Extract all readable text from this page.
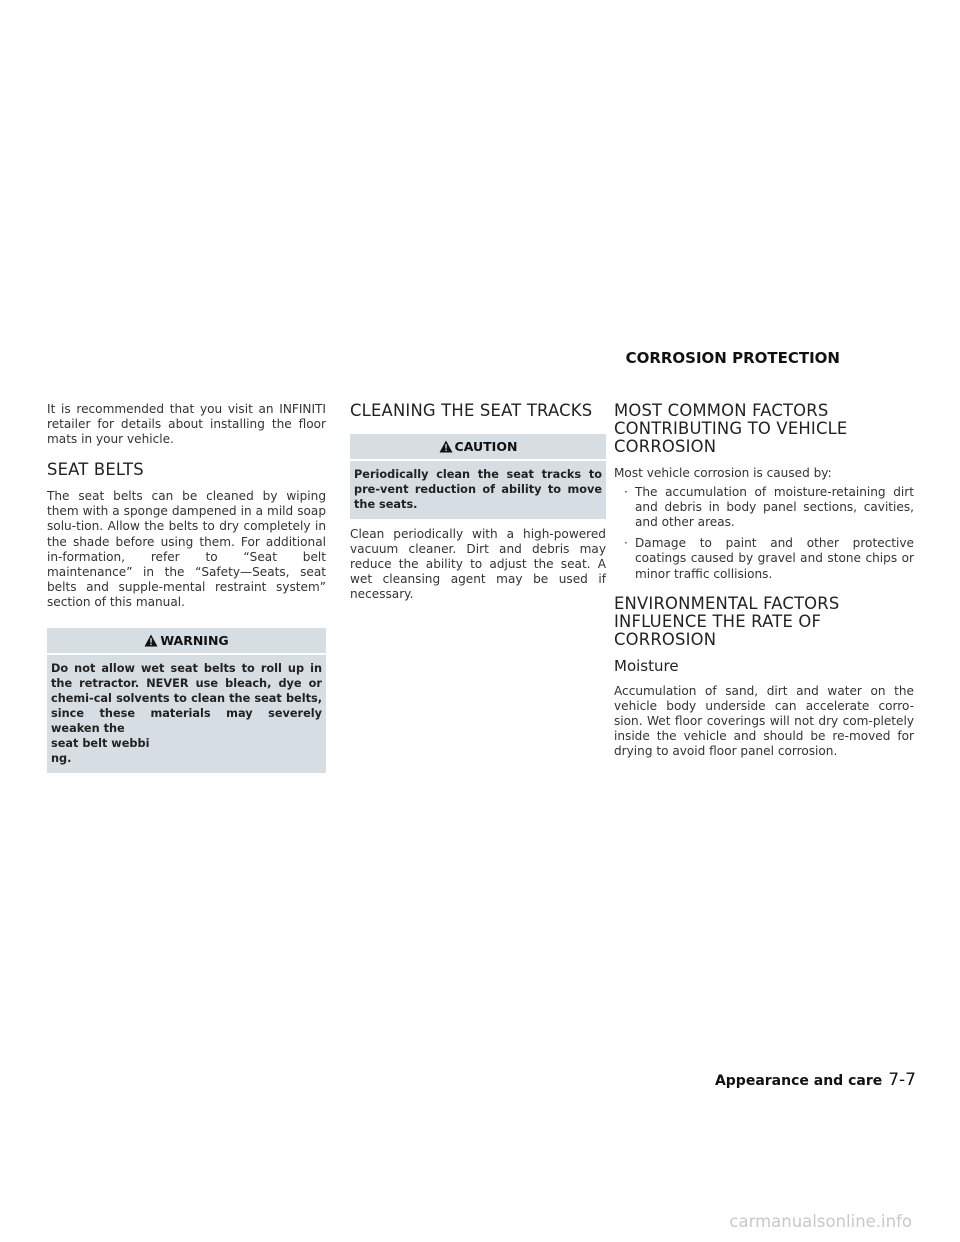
CORROSION PROTECTION

It is recommended that you visit an INFINITI retailer for details about installing the floor mats in your vehicle.

SEAT BELTS

The seat belts can be cleaned by wiping them with a sponge dampened in a mild soap solu-tion. Allow the belts to dry completely in the shade before using them. For additional in-formation, refer to “Seat belt maintenance” in the “Safety—Seats, seat belts and supple-mental restraint system” section of this manual.

WARNING
Do not allow wet seat belts to roll up in the retractor. NEVER use bleach, dye or chemi-cal solvents to clean the seat belts, since these materials may severely weaken the
seat belt webbi
ng.
CLEANING THE SEAT TRACKS
CAUTION
Periodically clean the seat tracks to pre-vent reduction of ability to move the seats.

Clean periodically with a high-powered vacuum cleaner. Dirt and debris may reduce the ability to adjust the seat. A wet cleansing agent may be used if necessary.

MOST COMMON FACTORS CONTRIBUTING TO VEHICLE CORROSION

Most vehicle corrosion is caused by:

· The accumulation of moisture-retaining dirt and debris in body panel sections, cavities, and other areas.
· Damage to paint and other protective coatings caused by gravel and stone chips or minor traffic collisions.
ENVIRONMENTAL FACTORS INFLUENCE THE RATE OF CORROSION
Moisture

Accumulation of sand, dirt and water on the vehicle body underside can accelerate corro-sion. Wet floor coverings will not dry com-pletely inside the vehicle and should be re-moved for drying to avoid floor panel corrosion.

Appearance and care 7-7
carmanualsonline.info
